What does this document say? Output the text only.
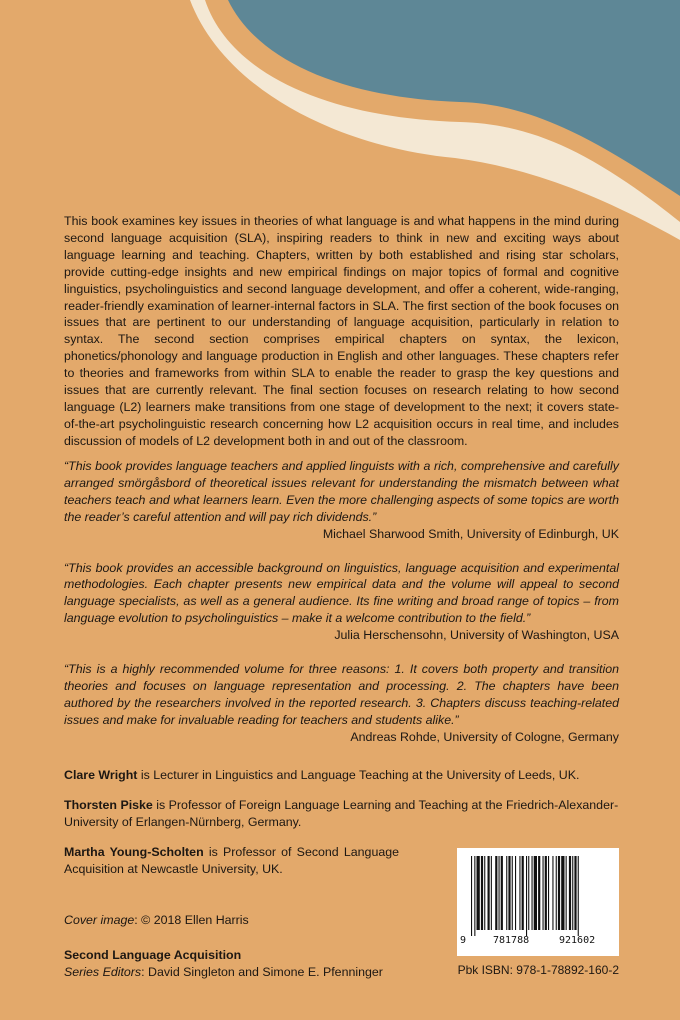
This book examines key issues in theories of what language is and what happens in the mind during second language acquisition (SLA), inspiring readers to think in new and exciting ways about language learning and teaching. Chapters, written by both established and rising star scholars, provide cutting-edge insights and new empirical findings on major topics of formal and cognitive linguistics, psycholinguistics and second language development, and offer a coherent, wide-ranging, reader-friendly examination of learner-internal factors in SLA. The first section of the book focuses on issues that are pertinent to our understanding of language acquisition, particularly in relation to syntax. The second section comprises empirical chapters on syntax, the lexicon, phonetics/phonology and language production in English and other languages. These chapters refer to theories and frameworks from within SLA to enable the reader to grasp the key questions and issues that are currently relevant. The final section focuses on research relating to how second language (L2) learners make transitions from one stage of development to the next; it covers state-of-the-art psycholinguistic research concerning how L2 acquisition occurs in real time, and includes discussion of models of L2 development both in and out of the classroom.

“This book provides language teachers and applied linguists with a rich, comprehensive and carefully arranged smörgåsbord of theoretical issues relevant for understanding the mismatch between what teachers teach and what learners learn. Even the more challenging aspects of some topics are worth the reader’s careful attention and will pay rich dividends.”

Michael Sharwood Smith, University of Edinburgh, UK

“This book provides an accessible background on linguistics, language acquisition and experimental methodologies. Each chapter presents new empirical data and the volume will appeal to second language specialists, as well as a general audience. Its fine writing and broad range of topics – from language evolution to psycholinguistics – make it a welcome contribution to the field.”

Julia Herschensohn, University of Washington, USA

“This is a highly recommended volume for three reasons: 1. It covers both property and transition theories and focuses on language representation and processing. 2. The chapters have been authored by the researchers involved in the reported research. 3. Chapters discuss teaching-related issues and make for invaluable reading for teachers and students alike.”

Andreas Rohde, University of Cologne, Germany

Clare Wright is Lecturer in Linguistics and Language Teaching at the University of Leeds, UK.

Thorsten Piske is Professor of Foreign Language Learning and Teaching at the Friedrich-Alexander-University of Erlangen-Nürnberg, Germany.

Martha Young-Scholten is Professor of Second Language Acquisition at Newcastle University, UK.

Cover image: © 2018 Ellen Harris
Second Language Acquisition
Series Editors: David Singleton and Simone E. Pfenninger
9	781788	921602
Pbk ISBN: 978-1-78892-160-2
